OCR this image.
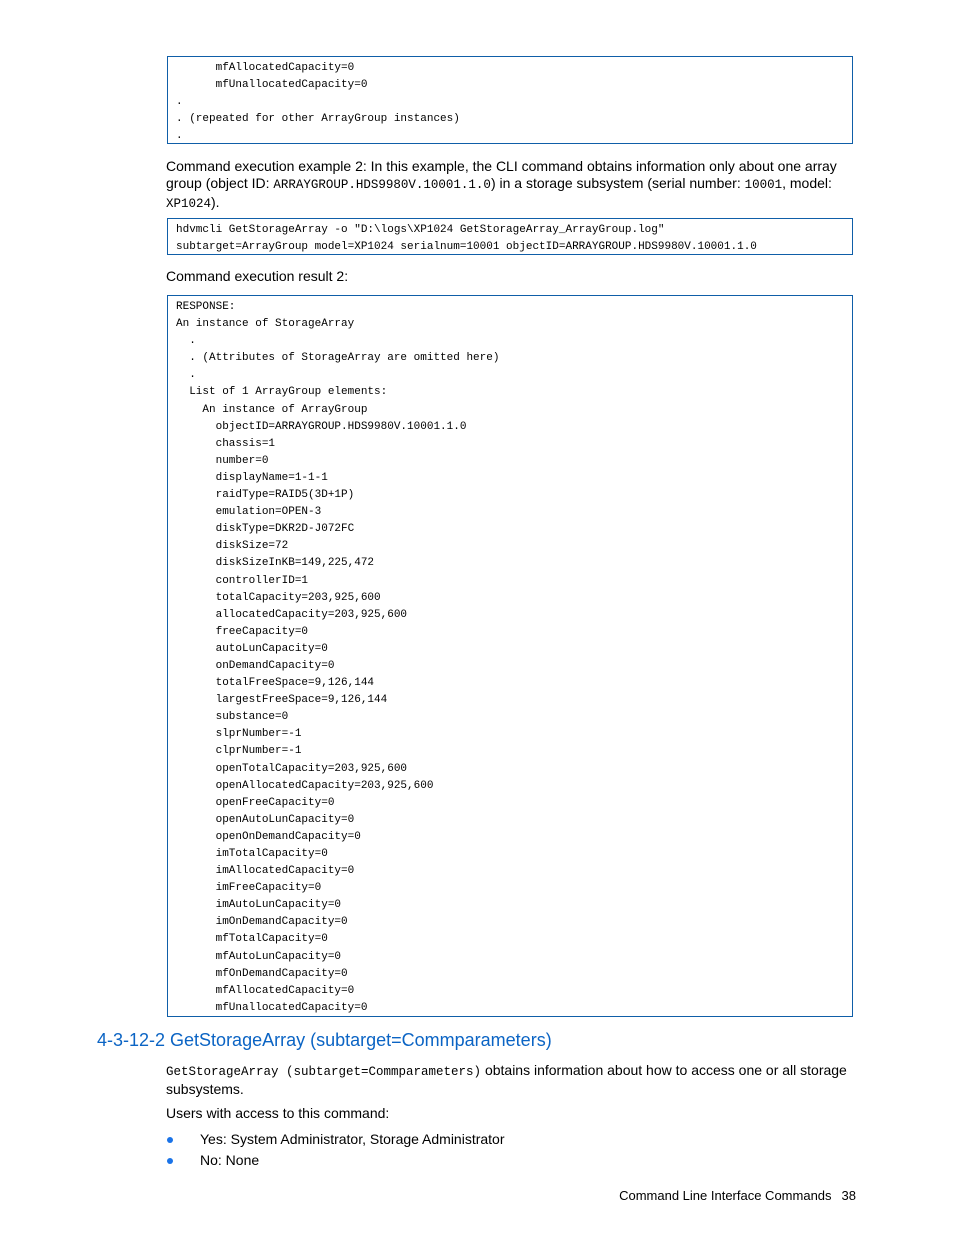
mfAllocatedCapacity=0
mfUnallocatedCapacity=0
.
. (repeated for other ArrayGroup instances)
.

Command execution example 2: In this example, the CLI command obtains information only about one array group (object ID: ARRAYGROUP.HDS9980V.10001.1.0) in a storage subsystem (serial number: 10001, model: XP1024).

hdvmcli GetStorageArray -o "D:\logs\XP1024 GetStorageArray_ArrayGroup.log"
subtarget=ArrayGroup model=XP1024 serialnum=10001 objectID=ARRAYGROUP.HDS9980V.10001.1.0

Command execution result 2:

RESPONSE:
An instance of StorageArray
.
. (Attributes of StorageArray are omitted here)
.
List of 1 ArrayGroup elements:
An instance of ArrayGroup
objectID=ARRAYGROUP.HDS9980V.10001.1.0
chassis=1
number=0
displayName=1-1-1
raidType=RAID5(3D+1P)
emulation=OPEN-3
diskType=DKR2D-J072FC
diskSize=72
diskSizeInKB=149,225,472
controllerID=1
totalCapacity=203,925,600
allocatedCapacity=203,925,600
freeCapacity=0
autoLunCapacity=0
onDemandCapacity=0
totalFreeSpace=9,126,144
largestFreeSpace=9,126,144
substance=0
slprNumber=-1
clprNumber=-1
openTotalCapacity=203,925,600
openAllocatedCapacity=203,925,600
openFreeCapacity=0
openAutoLunCapacity=0
openOnDemandCapacity=0
imTotalCapacity=0
imAllocatedCapacity=0
imFreeCapacity=0
imAutoLunCapacity=0
imOnDemandCapacity=0
mfTotalCapacity=0
mfAutoLunCapacity=0
mfOnDemandCapacity=0
mfAllocatedCapacity=0
mfUnallocatedCapacity=0
4-3-12-2 GetStorageArray (subtarget=Commparameters)

GetStorageArray (subtarget=Commparameters) obtains information about how to access one or all storage subsystems.

Users with access to this command:

Yes: System Administrator, Storage Administrator
No: None
Command Line Interface Commands 38
